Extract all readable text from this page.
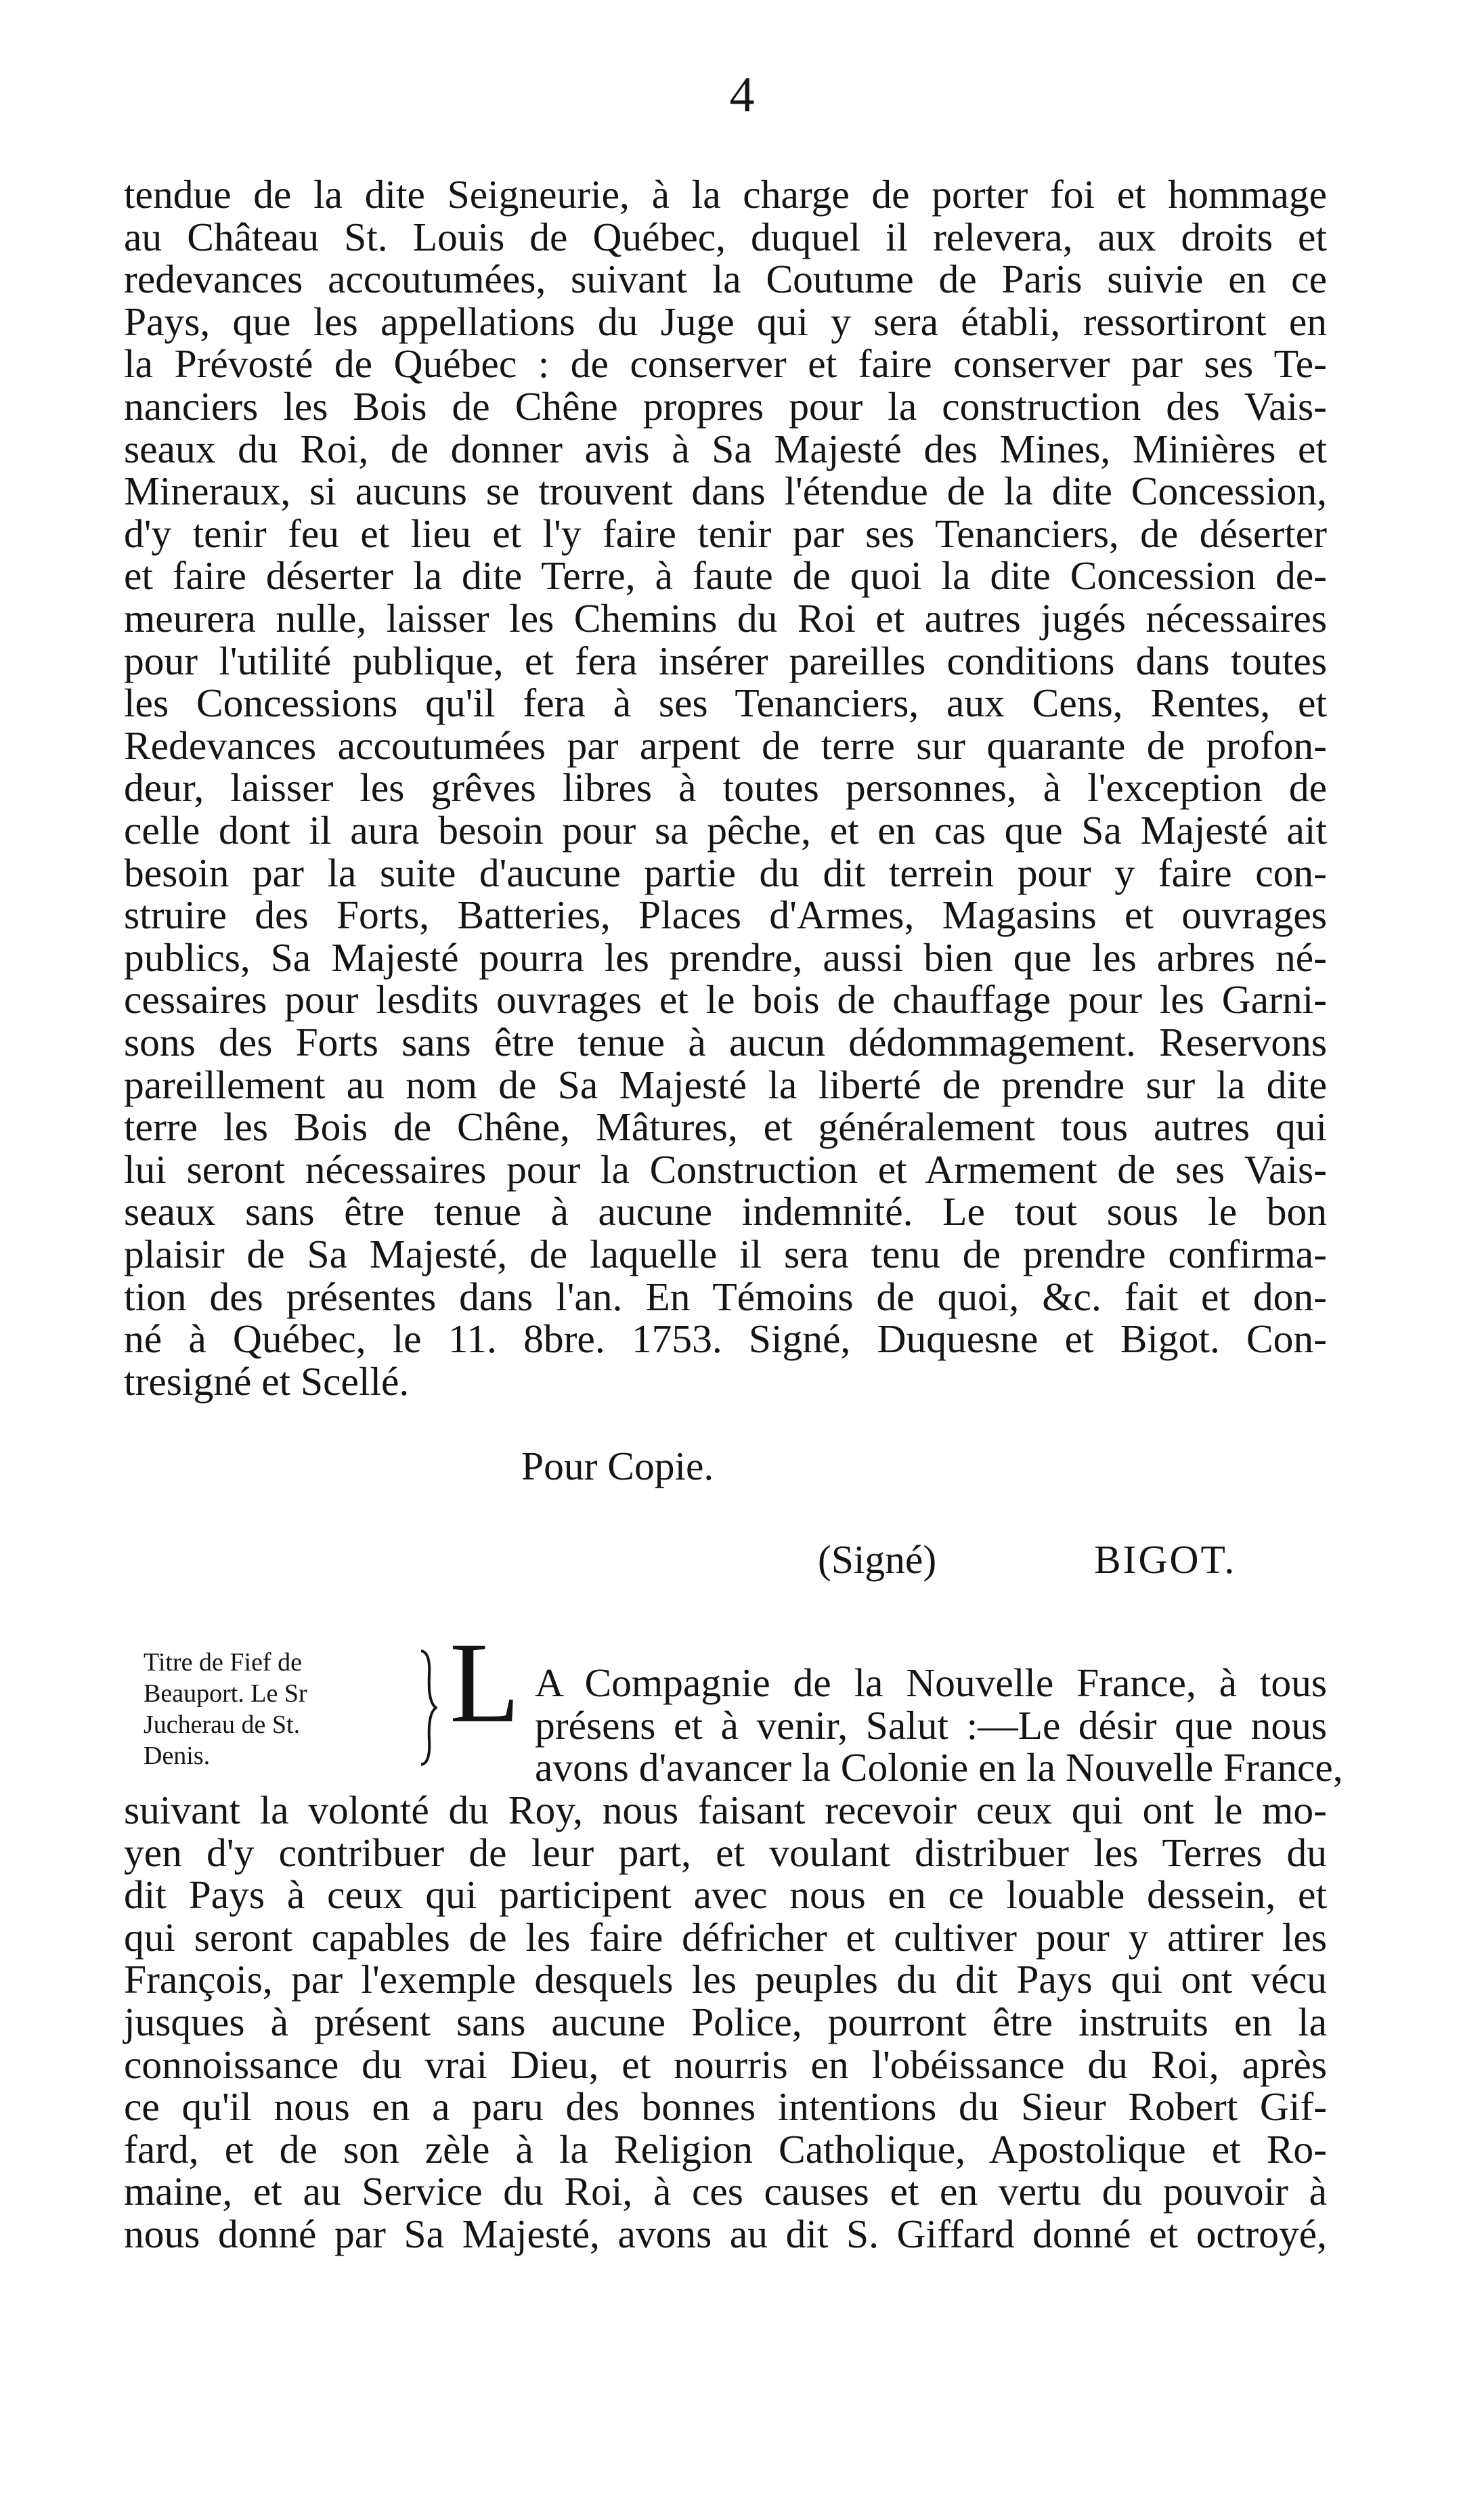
4
tendue de la dite Seigneurie, à la charge de porter foi et hommage
au Château St. Louis de Québec, duquel il relevera, aux droits et
redevances accoutumées, suivant la Coutume de Paris suivie en ce
Pays, que les appellations du Juge qui y sera établi, ressortiront en
la Prévosté de Québec : de conserver et faire conserver par ses Te-
nanciers les Bois de Chêne propres pour la construction des Vais-
seaux du Roi, de donner avis à Sa Majesté des Mines, Minières et
Mineraux, si aucuns se trouvent dans l'étendue de la dite Concession,
d'y tenir feu et lieu et l'y faire tenir par ses Tenanciers, de déserter
et faire déserter la dite Terre, à faute de quoi la dite Concession de-
meurera nulle, laisser les Chemins du Roi et autres jugés nécessaires
pour l'utilité publique, et fera insérer pareilles conditions dans toutes
les Concessions qu'il fera à ses Tenanciers, aux Cens, Rentes, et
Redevances accoutumées par arpent de terre sur quarante de profon-
deur, laisser les grêves libres à toutes personnes, à l'exception de
celle dont il aura besoin pour sa pêche, et en cas que Sa Majesté ait
besoin par la suite d'aucune partie du dit terrein pour y faire con-
struire des Forts, Batteries, Places d'Armes, Magasins et ouvrages
publics, Sa Majesté pourra les prendre, aussi bien que les arbres né-
cessaires pour lesdits ouvrages et le bois de chauffage pour les Garni-
sons des Forts sans être tenue à aucun dédommagement. Reservons
pareillement au nom de Sa Majesté la liberté de prendre sur la dite
terre les Bois de Chêne, Mâtures, et généralement tous autres qui
lui seront nécessaires pour la Construction et Armement de ses Vais-
seaux sans être tenue à aucune indemnité. Le tout sous le bon
plaisir de Sa Majesté, de laquelle il sera tenu de prendre confirma-
tion des présentes dans l'an. En Témoins de quoi, &c. fait et don-
né à Québec, le 11. 8bre. 1753. Signé, Duquesne et Bigot. Con-
tresigné et Scellé.
Pour Copie.
(Signé)	BIGOT.
Titre de Fief de
Beauport. Le Sr
Jucherau de St.
Denis.
L A Compagnie de la Nouvelle France, à tous
présens et à venir, Salut :—Le désir que nous
avons d'avancer la Colonie en la Nouvelle France,
suivant la volonté du Roy, nous faisant recevoir ceux qui ont le mo-
yen d'y contribuer de leur part, et voulant distribuer les Terres du
dit Pays à ceux qui participent avec nous en ce louable dessein, et
qui seront capables de les faire défricher et cultiver pour y attirer les
François, par l'exemple desquels les peuples du dit Pays qui ont vécu
jusques à présent sans aucune Police, pourront être instruits en la
connoissance du vrai Dieu, et nourris en l'obéissance du Roi, après
ce qu'il nous en a paru des bonnes intentions du Sieur Robert Gif-
fard, et de son zèle à la Religion Catholique, Apostolique et Ro-
maine, et au Service du Roi, à ces causes et en vertu du pouvoir à
nous donné par Sa Majesté, avons au dit S. Giffard donné et octroyé,
